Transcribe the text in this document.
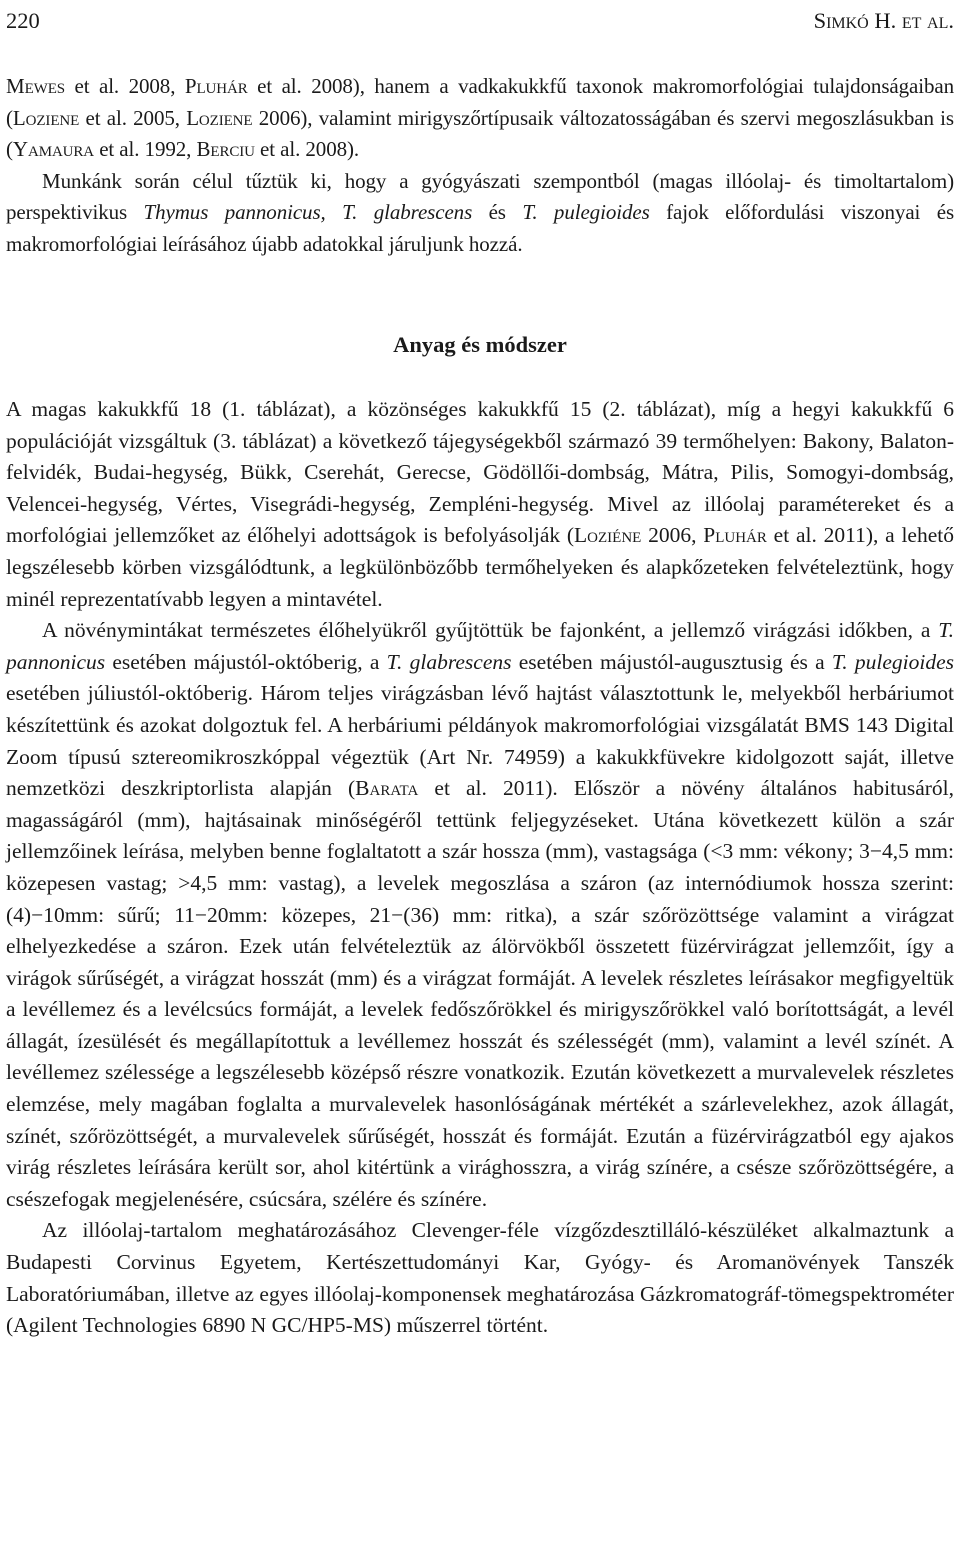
220	Simkó H. et al.

Mewes et al. 2008, Pluhár et al. 2008), hanem a vadkakukkfű taxonok makromorfológiai tulajdonságaiban (Loziene et al. 2005, Loziene 2006), valamint mirigyszőrtípusaik változatosságában és szervi megoszlásukban is (Yamaura et al. 1992, Berciu et al. 2008).

Munkánk során célul tűztük ki, hogy a gyógyászati szempontból (magas illóolaj- és timoltartalom) perspektivikus Thymus pannonicus, T. glabrescens és T. pulegioides fajok előfordulási viszonyai és makromorfológiai leírásához újabb adatokkal járuljunk hozzá.

Anyag és módszer

A magas kakukkfű 18 (1. táblázat), a közönséges kakukkfű 15 (2. táblázat), míg a hegyi kakukkfű 6 populációját vizsgáltuk (3. táblázat) a következő tájegységekből származó 39 termőhelyen: Bakony, Balaton-felvidék, Budai-hegység, Bükk, Cserehát, Gerecse, Gödöllői-dombság, Mátra, Pilis, Somogyi-dombság, Velencei-hegység, Vértes, Visegrádi-hegység, Zempléni-hegység. Mivel az illóolaj paramétereket és a morfológiai jellemzőket az élőhelyi adottságok is befolyásolják (Loziéne 2006, Pluhár et al. 2011), a lehető legszélesebb körben vizsgálódtunk, a legkülönbözőbb termőhelyeken és alapkőzeteken felvételeztünk, hogy minél reprezentatívabb legyen a mintavétel.

A növénymintákat természetes élőhelyükről gyűjtöttük be fajonként, a jellemző virágzási időkben, a T. pannonicus esetében májustól-októberig, a T. glabrescens esetében májustól-augusztusig és a T. pulegioides esetében júliustól-októberig. Három teljes virágzásban lévő hajtást választottunk le, melyekből herbáriumot készítettünk és azokat dolgoztuk fel. A herbáriumi példányok makromorfológiai vizsgálatát BMS 143 Digital Zoom típusú sztereomikroszkóppal végeztük (Art Nr. 74959) a kakukkfüvekre kidolgozott saját, illetve nemzetközi deszkriptorlista alapján (Barata et al. 2011). Először a növény általános habitusáról, magasságáról (mm), hajtásainak minőségéről tettünk feljegyzéseket. Utána következett külön a szár jellemzőinek leírása, melyben benne foglaltatott a szár hossza (mm), vastagsága (<3 mm: vékony; 3−4,5 mm: közepesen vastag; >4,5 mm: vastag), a levelek megoszlása a száron (az internódiumok hossza szerint: (4)−10mm: sűrű; 11−20mm: közepes, 21−(36) mm: ritka), a szár szőrözöttsége valamint a virágzat elhelyezkedése a száron. Ezek után felvételeztük az álörvökből összetett füzérvirágzat jellemzőit, így a virágok sűrűségét, a virágzat hosszát (mm) és a virágzat formáját. A levelek részletes leírásakor megfigyeltük a levéllemez és a levélcsúcs formáját, a levelek fedőszőrökkel és mirigyszőrökkel való borítottságát, a levél állagát, ízesülését és megállapítottuk a levéllemez hosszát és szélességét (mm), valamint a levél színét. A levéllemez szélessége a legszélesebb középső részre vonatkozik. Ezután következett a murvalevelek részletes elemzése, mely magában foglalta a murvalevelek hasonlóságának mértékét a szárlevelekhez, azok állagát, színét, szőrözöttségét, a murvalevelek sűrűségét, hosszát és formáját. Ezután a füzérvirágzatból egy ajakos virág részletes leírására került sor, ahol kitértünk a virághosszra, a virág színére, a csésze szőrözöttségére, a csészefogak megjelenésére, csúcsára, szélére és színére.

Az illóolaj-tartalom meghatározásához Clevenger-féle vízgőzdesztilláló-készüléket alkalmaztunk a Budapesti Corvinus Egyetem, Kertészettudományi Kar, Gyógy- és Aromanövények Tanszék Laboratóriumában, illetve az egyes illóolaj-komponensek meghatározása Gázkromatográf-tömegspektrométer (Agilent Technologies 6890 N GC/HP5-MS) műszerrel történt.
